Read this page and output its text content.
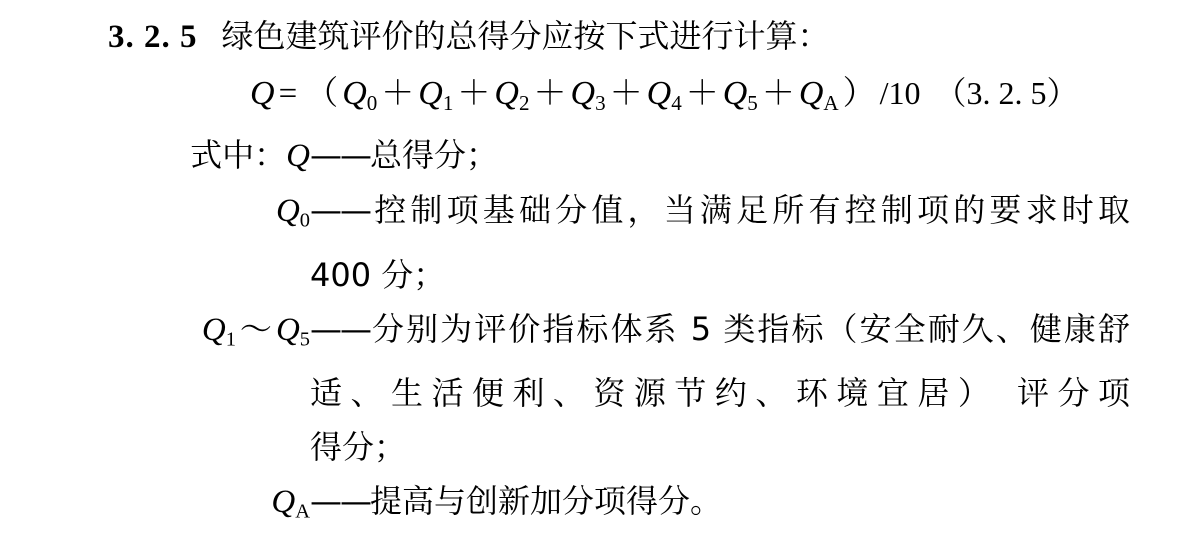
3. 2. 5 绿色建筑评价的总得分应按下式进行计算：
Q = （ $Q_0 + Q_1 + Q_2 + Q_3 + Q_4 + Q_5 + Q_A$ ） /10 （3. 2. 5）
式中：Q ——总得分；
$Q_0$ ——控制项基础分值，当满足所有控制项的要求时取
400 分；
$Q_1$ ～ $Q_5$ ——分别为评价指标体系 5 类指标（安全耐久、健康舒
适、生活便利、资源节约、环境宜居） 评分项
得分；
$Q_A$ ——提高与创新加分项得分。
